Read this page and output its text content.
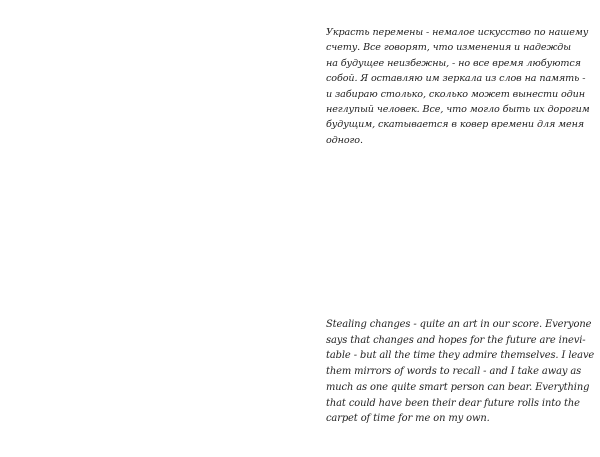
Украсть перемены - немалое искусство по нашему
счету. Все говорят, что изменения и надежды
на будущее неизбежны, - но все время любуются
собой. Я оставляю им зеркала из слов на память -
и забираю столько, сколько может вынести один
неглупый человек. Все, что могло быть их дорогим
будущим, скатывается в ковер времени для меня
одного.
Stealing changes - quite an art in our score. Everyone
says that changes and hopes for the future are inevi-
table - but all the time they admire themselves. I leave
them mirrors of words to recall - and I take away as
much as one quite smart person can bear. Everything
that could have been their dear future rolls into the
carpet of time for me on my own.
